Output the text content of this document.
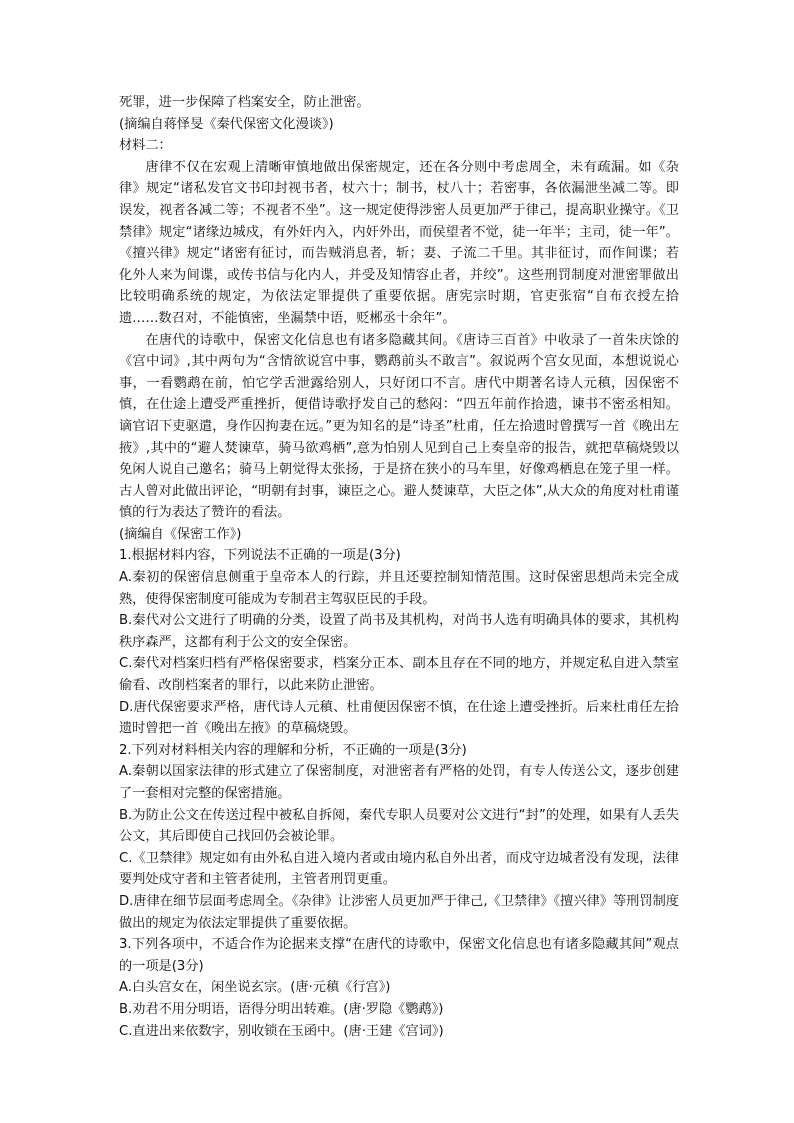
死罪，进一步保障了档案安全，防止泄密。

(摘编自蒋怿旻《秦代保密文化漫谈》)

材料二：

唐律不仅在宏观上清晰审慎地做出保密规定，还在各分则中考虑周全，未有疏漏。如《杂律》规定“诸私发官文书印封视书者，杖六十；制书，杖八十；若密事，各依漏泄坐减二等。即误发，视者各减二等；不视者不坐”。这一规定使得涉密人员更加严于律己，提高职业操守。《卫禁律》规定“诸缘边城戍，有外奸内入，内奸外出，而侯望者不觉，徒一年半；主司，徒一年”。《擅兴律》规定“诸密有征讨，而告贼消息者，斩；妻、子流二千里。其非征讨，而作间谍；若化外人来为间谍，或传书信与化内人，并受及知情容止者，并绞”。这些刑罚制度对泄密罪做出比较明确系统的规定，为依法定罪提供了重要依据。唐宪宗时期，官吏张宿“自布衣授左拾遗……数召对，不能慎密，坐漏禁中语，贬郴丞十余年”。

在唐代的诗歌中，保密文化信息也有诸多隐藏其间。《唐诗三百首》中收录了一首朱庆馀的《宫中词》,其中两句为“含情欲说宫中事，鹦鹉前头不敢言”。叙说两个宫女见面，本想说说心事，一看鹦鹉在前，怕它学舌泄露给别人，只好闭口不言。唐代中期著名诗人元稹，因保密不慎，在仕途上遭受严重挫折，便借诗歌抒发自己的愁闷：“四五年前作拾遗，谏书不密丞相知。谪官诏下吏驱遣，身作囚拘妻在远。”更为知名的是“诗圣”杜甫，任左拾遗时曾撰写一首《晚出左掖》,其中的“避人焚谏草，骑马欲鸡栖”,意为怕别人见到自己上奏皇帝的报告，就把草稿烧毁以免闲人说自己邀名；骑马上朝觉得太张扬，于是挤在狭小的马车里，好像鸡栖息在笼子里一样。古人曾对此做出评论，“明朝有封事，谏臣之心。避人焚谏草，大臣之体”,从大众的角度对杜甫谨慎的行为表达了赞许的看法。

(摘编自《保密工作》)

1.根据材料内容，下列说法不正确的一项是(3分)

A.秦初的保密信息侧重于皇帝本人的行踪，并且还要控制知情范围。这时保密思想尚未完全成熟，使得保密制度可能成为专制君主驾驭臣民的手段。

B.秦代对公文进行了明确的分类，设置了尚书及其机构，对尚书人选有明确具体的要求，其机构秩序森严，这都有利于公文的安全保密。

C.秦代对档案归档有严格保密要求，档案分正本、副本且存在不同的地方，并规定私自进入禁室偷看、改削档案者的罪行，以此来防止泄密。

D.唐代保密要求严格，唐代诗人元稹、杜甫便因保密不慎，在仕途上遭受挫折。后来杜甫任左拾遗时曾把一首《晚出左掖》的草稿烧毁。

2.下列对材料相关内容的理解和分析，不正确的一项是(3分)

A.秦朝以国家法律的形式建立了保密制度，对泄密者有严格的处罚，有专人传送公文，逐步创建了一套相对完整的保密措施。

B.为防止公文在传送过程中被私自拆阅，秦代专职人员要对公文进行“封”的处理，如果有人丢失公文，其后即使自己找回仍会被论罪。

C.《卫禁律》规定如有由外私自进入境内者或由境内私自外出者，而戍守边城者没有发现，法律要判处戍守者和主管者徒刑，主管者刑罚更重。

D.唐律在细节层面考虑周全。《杂律》让涉密人员更加严于律己,《卫禁律》《擅兴律》等刑罚制度做出的规定为依法定罪提供了重要依据。

3.下列各项中，不适合作为论据来支撑“在唐代的诗歌中，保密文化信息也有诸多隐藏其间”观点的一项是(3分)

A.白头宫女在，闲坐说玄宗。(唐·元稹《行宫》)

B.劝君不用分明语，语得分明出转难。(唐·罗隐《鹦鹉》)

C.直进出来依数字，别收锁在玉函中。(唐·王建《宫词》)
